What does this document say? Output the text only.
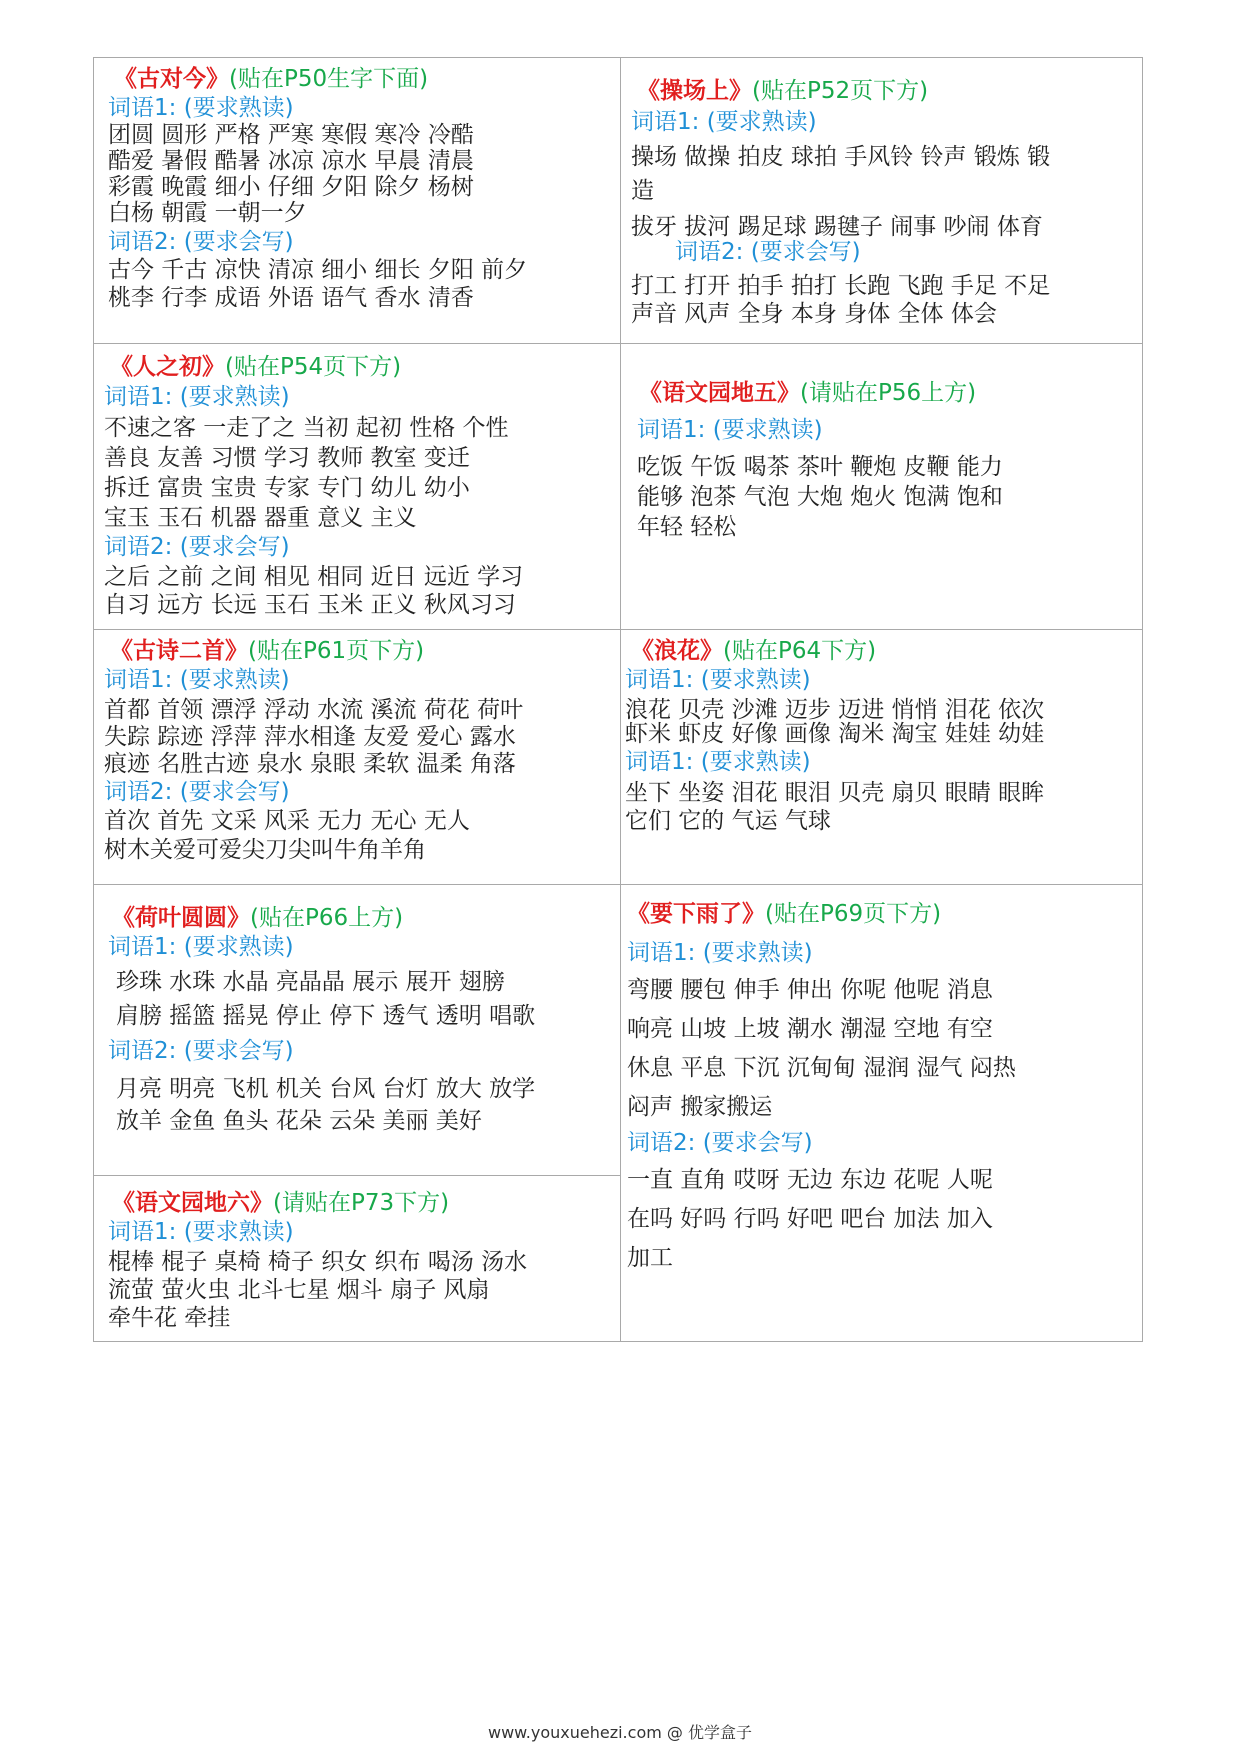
《古对今》(贴在P50生字下面)

词语1: (要求熟读)

团圆 圆形 严格 严寒 寒假 寒冷 冷酷
酷爱 暑假 酷暑 冰凉 凉水 早晨 清晨
彩霞 晚霞 细小 仔细 夕阳 除夕 杨树
白杨 朝霞 一朝一夕

词语2: (要求会写)

古今 千古 凉快 清凉 细小 细长 夕阳 前夕
桃李 行李 成语 外语 语气 香水 清香

《操场上》(贴在P52页下方)

词语1: (要求熟读)

操场 做操 拍皮 球拍 手风铃 铃声 锻炼 锻
造
拔牙 拔河 踢足球 踢毽子 闹事 吵闹 体育

词语2: (要求会写)

打工 打开 拍手 拍打 长跑 飞跑 手足 不足
声音 风声 全身 本身 身体 全体 体会

《人之初》(贴在P54页下方)

词语1: (要求熟读)

不速之客 一走了之 当初 起初 性格 个性
善良 友善 习惯 学习 教师 教室 变迁
拆迁 富贵 宝贵 专家 专门 幼儿 幼小
宝玉 玉石 机器 器重 意义 主义

词语2: (要求会写)

之后 之前 之间 相见 相同 近日 远近 学习
自习 远方 长远 玉石 玉米 正义 秋风习习

《语文园地五》(请贴在P56上方)

词语1: (要求熟读)

吃饭 午饭 喝茶 茶叶 鞭炮 皮鞭 能力
能够 泡茶 气泡 大炮 炮火 饱满 饱和
年轻 轻松

《古诗二首》(贴在P61页下方)

词语1: (要求熟读)

首都 首领 漂浮 浮动 水流 溪流 荷花 荷叶
失踪 踪迹 浮萍 萍水相逢 友爱 爱心 露水
痕迹 名胜古迹 泉水 泉眼 柔软 温柔 角落

词语2: (要求会写)

首次 首先 文采 风采 无力 无心 无人
树木关爱可爱尖刀尖叫牛角羊角

《浪花》(贴在P64下方)

词语1: (要求熟读)

浪花 贝壳 沙滩 迈步 迈进 悄悄 泪花 依次
虾米 虾皮 好像 画像 淘米 淘宝 娃娃 幼娃

词语1: (要求熟读)

坐下 坐姿 泪花 眼泪 贝壳 扇贝 眼睛 眼眸
它们 它的 气运 气球

《荷叶圆圆》(贴在P66上方)

词语1: (要求熟读)

珍珠 水珠 水晶 亮晶晶 展示 展开 翅膀
肩膀 摇篮 摇晃 停止 停下 透气 透明 唱歌

词语2: (要求会写)

月亮 明亮 飞机 机关 台风 台灯 放大 放学
放羊 金鱼 鱼头 花朵 云朵 美丽 美好

《语文园地六》(请贴在P73下方)

词语1: (要求熟读)

棍棒 棍子 桌椅 椅子 织女 织布 喝汤 汤水
流萤 萤火虫 北斗七星 烟斗 扇子 风扇
牵牛花 牵挂

《要下雨了》(贴在P69页下方)

词语1: (要求熟读)

弯腰 腰包 伸手 伸出 你呢 他呢 消息
响亮 山坡 上坡 潮水 潮湿 空地 有空
休息 平息 下沉 沉甸甸 湿润 湿气 闷热
闷声 搬家搬运

词语2: (要求会写)

一直 直角 哎呀 无边 东边 花呢 人呢
在吗 好吗 行吗 好吧 吧台 加法 加入
加工
www.youxuehezi.com @ 优学盒子
